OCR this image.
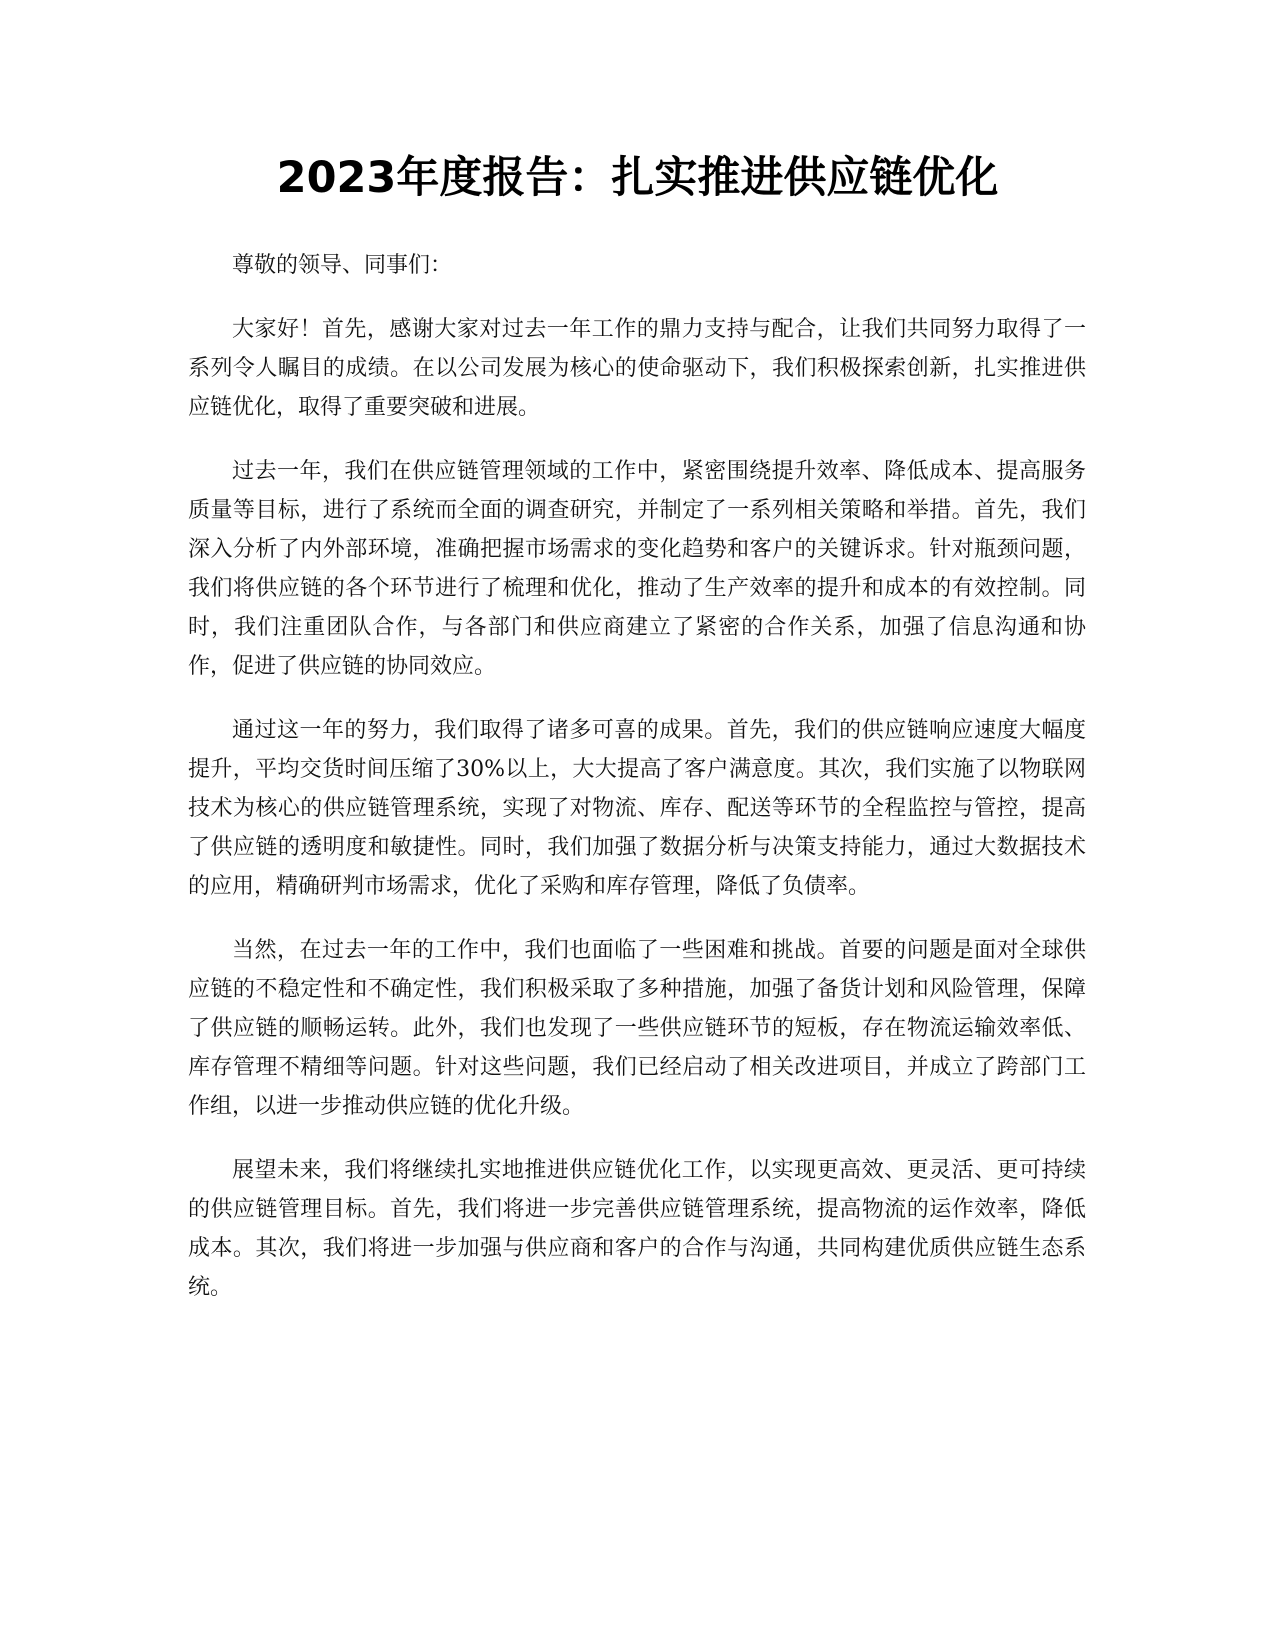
2023年度报告：扎实推进供应链优化

尊敬的领导、同事们：

大家好！首先，感谢大家对过去一年工作的鼎力支持与配合，让我们共同努力取得了一系列令人瞩目的成绩。在以公司发展为核心的使命驱动下，我们积极探索创新，扎实推进供应链优化，取得了重要突破和进展。

过去一年，我们在供应链管理领域的工作中，紧密围绕提升效率、降低成本、提高服务质量等目标，进行了系统而全面的调查研究，并制定了一系列相关策略和举措。首先，我们深入分析了内外部环境，准确把握市场需求的变化趋势和客户的关键诉求。针对瓶颈问题，我们将供应链的各个环节进行了梳理和优化，推动了生产效率的提升和成本的有效控制。同时，我们注重团队合作，与各部门和供应商建立了紧密的合作关系，加强了信息沟通和协作，促进了供应链的协同效应。

通过这一年的努力，我们取得了诸多可喜的成果。首先，我们的供应链响应速度大幅度提升，平均交货时间压缩了30%以上，大大提高了客户满意度。其次，我们实施了以物联网技术为核心的供应链管理系统，实现了对物流、库存、配送等环节的全程监控与管控，提高了供应链的透明度和敏捷性。同时，我们加强了数据分析与决策支持能力，通过大数据技术的应用，精确研判市场需求，优化了采购和库存管理，降低了负债率。

当然，在过去一年的工作中，我们也面临了一些困难和挑战。首要的问题是面对全球供应链的不稳定性和不确定性，我们积极采取了多种措施，加强了备货计划和风险管理，保障了供应链的顺畅运转。此外，我们也发现了一些供应链环节的短板，存在物流运输效率低、库存管理不精细等问题。针对这些问题，我们已经启动了相关改进项目，并成立了跨部门工作组，以进一步推动供应链的优化升级。

展望未来，我们将继续扎实地推进供应链优化工作，以实现更高效、更灵活、更可持续的供应链管理目标。首先，我们将进一步完善供应链管理系统，提高物流的运作效率，降低成本。其次，我们将进一步加强与供应商和客户的合作与沟通，共同构建优质供应链生态系统。
